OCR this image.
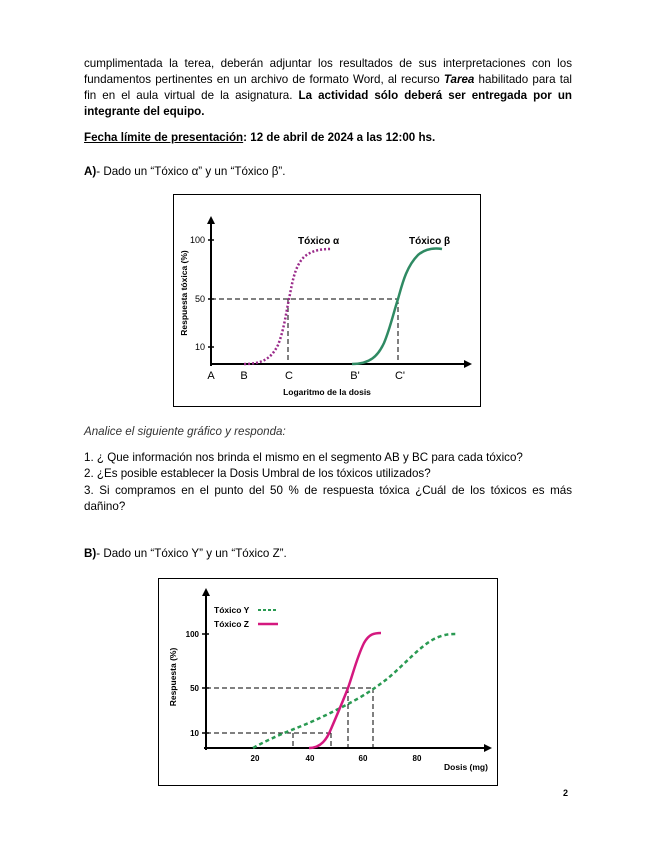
cumplimentada la terea, deberán adjuntar los resultados de sus interpretaciones con los fundamentos pertinentes en un archivo de formato Word, al recurso Tarea habilitado para tal fin en el aula virtual de la asignatura. La actividad sólo deberá ser entregada por un integrante del equipo.
Fecha límite de presentación: 12 de abril de 2024 a las 12:00 hs.
A)- Dado un “Tóxico α” y un “Tóxico β”.
100
50
10
Respuesta tóxica (%)
Tóxico α	Tóxico β
A B	C	B'	C'
Logaritmo de la dosis
Analice el siguiente gráfico y responda:
1. ¿ Que información nos brinda el mismo en el segmento AB y BC para cada tóxico?
2. ¿Es posible establecer la Dosis Umbral de los tóxicos utilizados?
3. Si compramos en el punto del 50 % de respuesta tóxica ¿Cuál de los tóxicos es más dañino?
B)- Dado un “Tóxico Y” y un “Tóxico Z”.
100
50
10
Respuesta (%)
Tóxico Y
Tóxico Z
20	40	60	80
Dosis (mg)
2
